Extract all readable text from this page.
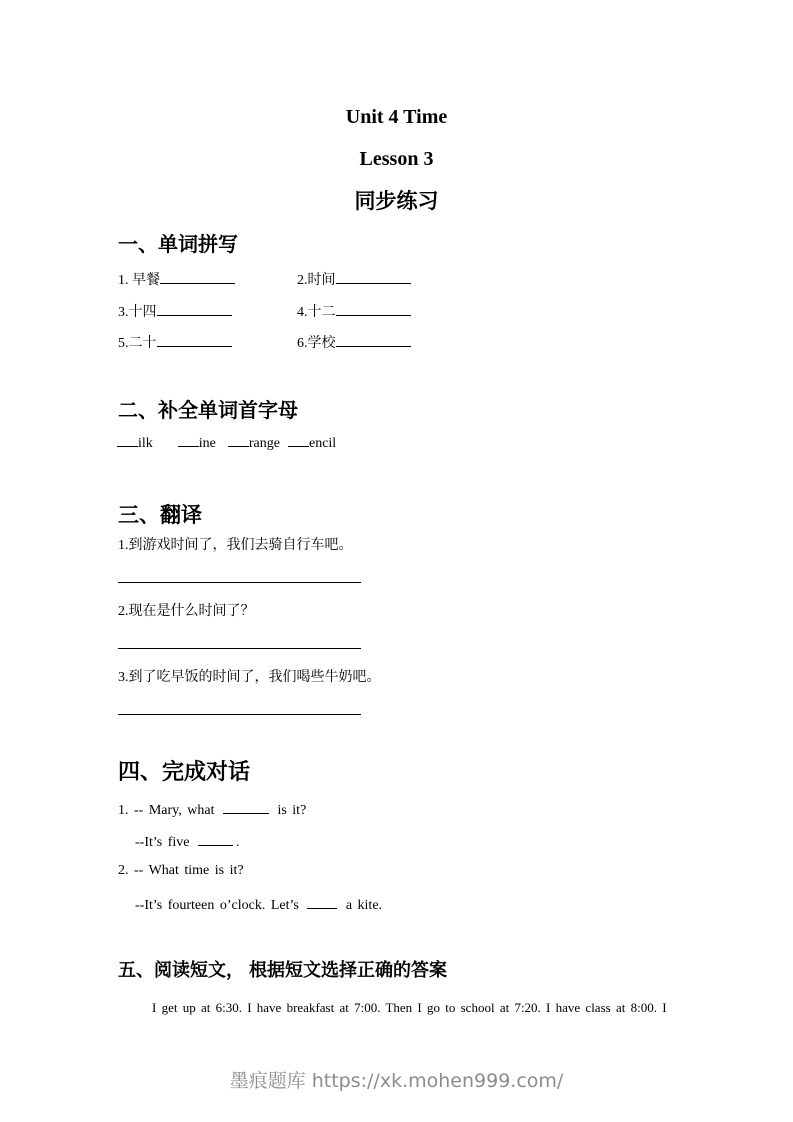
Unit 4 Time
Lesson 3
同步练习
一、单词拼写
1. 早餐	2.时间
3.十四	4.十二
5.二十	6.学校
二、补全单词首字母
ilk	ine range encil
三、翻译

1.到游戏时间了，我们去骑自行车吧。

2.现在是什么时间了？

3.到了吃早饭的时间了，我们喝些牛奶吧。

四、完成对话
1. -- Mary, what	is it?
--It’s five	.
2. -- What time is it?
--It’s fourteen o’clock. Let’s	a kite.
五、阅读短文， 根据短文选择正确的答案

I get up at 6:30. I have breakfast at 7:00. Then I go to school at 7:20. I have class at 8:00. I

墨痕题库 https://xk.mohen999.com/
